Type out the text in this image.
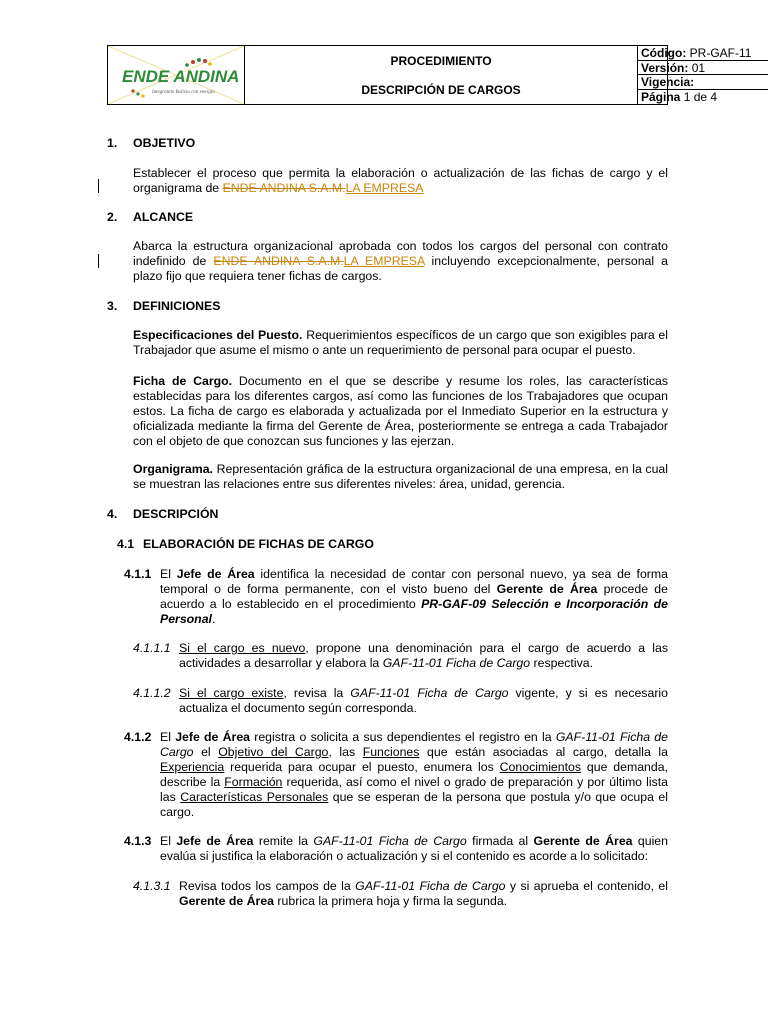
ENDE ANDINA
Integrando Bolivia con energía
PROCEDIMIENTO
DESCRIPCIÓN DE CARGOS
Código: PR-GAF-11
Versión: 01
Vigencia:
Página 1 de 4
1. OBJETIVO
Establecer el proceso que permita la elaboración o actualización de las fichas de cargo y el organigrama de ENDE ANDINA S.A.M.LA EMPRESA
2. ALCANCE
Abarca la estructura organizacional aprobada con todos los cargos del personal con contrato indefinido de ENDE ANDINA S.A.M.LA EMPRESA incluyendo excepcionalmente, personal a plazo fijo que requiera tener fichas de cargos.
3. DEFINICIONES
Especificaciones del Puesto. Requerimientos específicos de un cargo que son exigibles para el Trabajador que asume el mismo o ante un requerimiento de personal para ocupar el puesto.
Ficha de Cargo. Documento en el que se describe y resume los roles, las características establecidas para los diferentes cargos, así como las funciones de los Trabajadores que ocupan estos. La ficha de cargo es elaborada y actualizada por el Inmediato Superior en la estructura y oficializada mediante la firma del Gerente de Área, posteriormente se entrega a cada Trabajador con el objeto de que conozcan sus funciones y las ejerzan.
Organigrama. Representación gráfica de la estructura organizacional de una empresa, en la cual se muestran las relaciones entre sus diferentes niveles: área, unidad, gerencia.
4. DESCRIPCIÓN
4.1 ELABORACIÓN DE FICHAS DE CARGO
4.1.1 El Jefe de Área identifica la necesidad de contar con personal nuevo, ya sea de forma temporal o de forma permanente, con el visto bueno del Gerente de Área procede de acuerdo a lo establecido en el procedimiento PR-GAF-09 Selección e Incorporación de Personal.
4.1.1.1 Si el cargo es nuevo, propone una denominación para el cargo de acuerdo a las actividades a desarrollar y elabora la GAF-11-01 Ficha de Cargo respectiva.
4.1.1.2 Si el cargo existe, revisa la GAF-11-01 Ficha de Cargo vigente, y si es necesario actualiza el documento según corresponda.
4.1.2 El Jefe de Área registra o solicita a sus dependientes el registro en la GAF-11-01 Ficha de Cargo el Objetivo del Cargo, las Funciones que están asociadas al cargo, detalla la Experiencia requerida para ocupar el puesto, enumera los Conocimientos que demanda, describe la Formación requerida, así como el nivel o grado de preparación y por último lista las Características Personales que se esperan de la persona que postula y/o que ocupa el cargo.
4.1.3 El Jefe de Área remite la GAF-11-01 Ficha de Cargo firmada al Gerente de Área quien evalúa si justifica la elaboración o actualización y si el contenido es acorde a lo solicitado:
4.1.3.1 Revisa todos los campos de la GAF-11-01 Ficha de Cargo y si aprueba el contenido, el Gerente de Área rubrica la primera hoja y firma la segunda.
